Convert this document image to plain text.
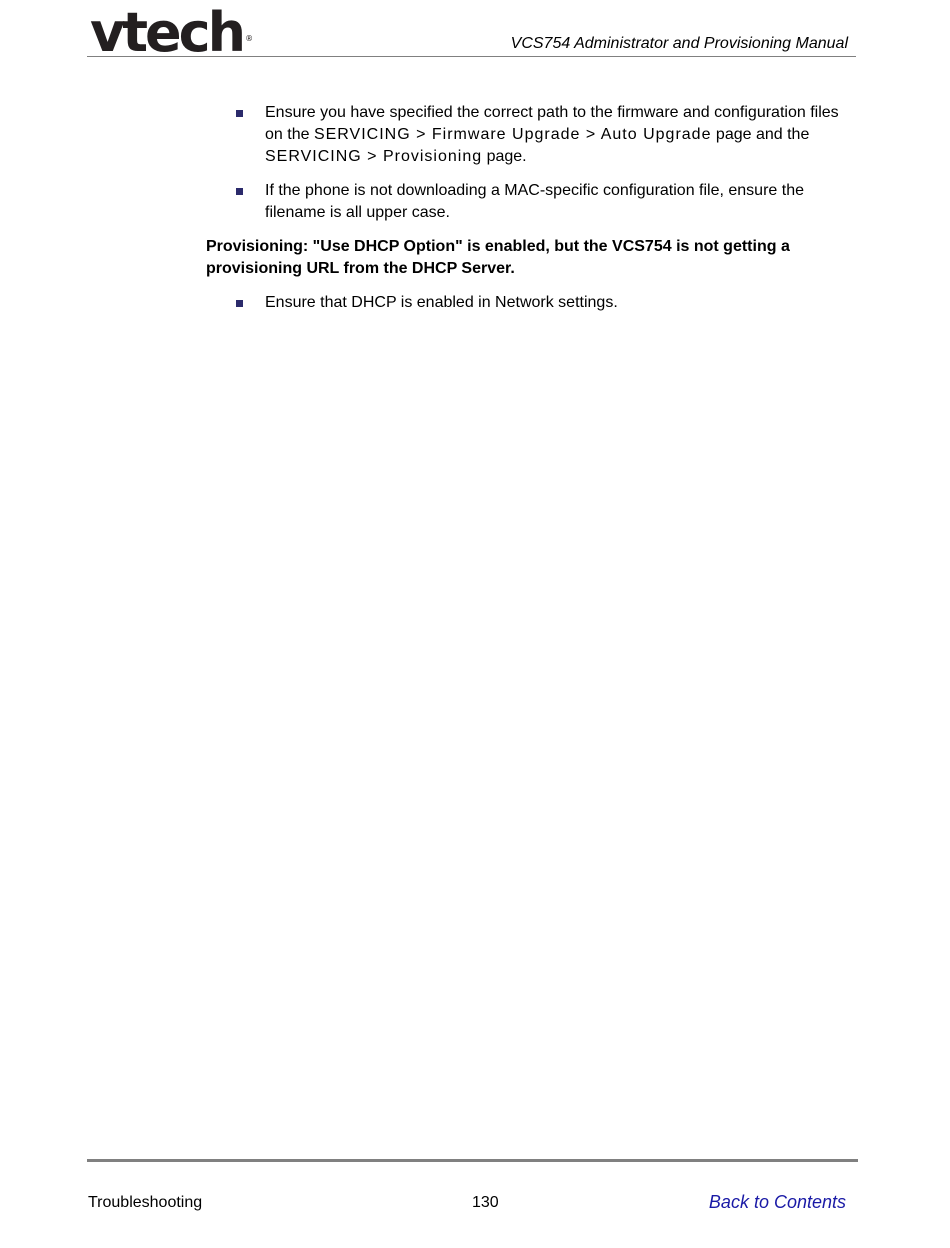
vtech ®	VCS754 Administrator and Provisioning Manual
Ensure you have specified the correct path to the firmware and configuration files on the SERVICING > Firmware Upgrade > Auto Upgrade page and the SERVICING > Provisioning page.
If the phone is not downloading a MAC-specific configuration file, ensure the filename is all upper case.

Provisioning: "Use DHCP Option" is enabled, but the VCS754 is not getting a provisioning URL from the DHCP Server.

Ensure that DHCP is enabled in Network settings.
Troubleshooting	130	Back to Contents
